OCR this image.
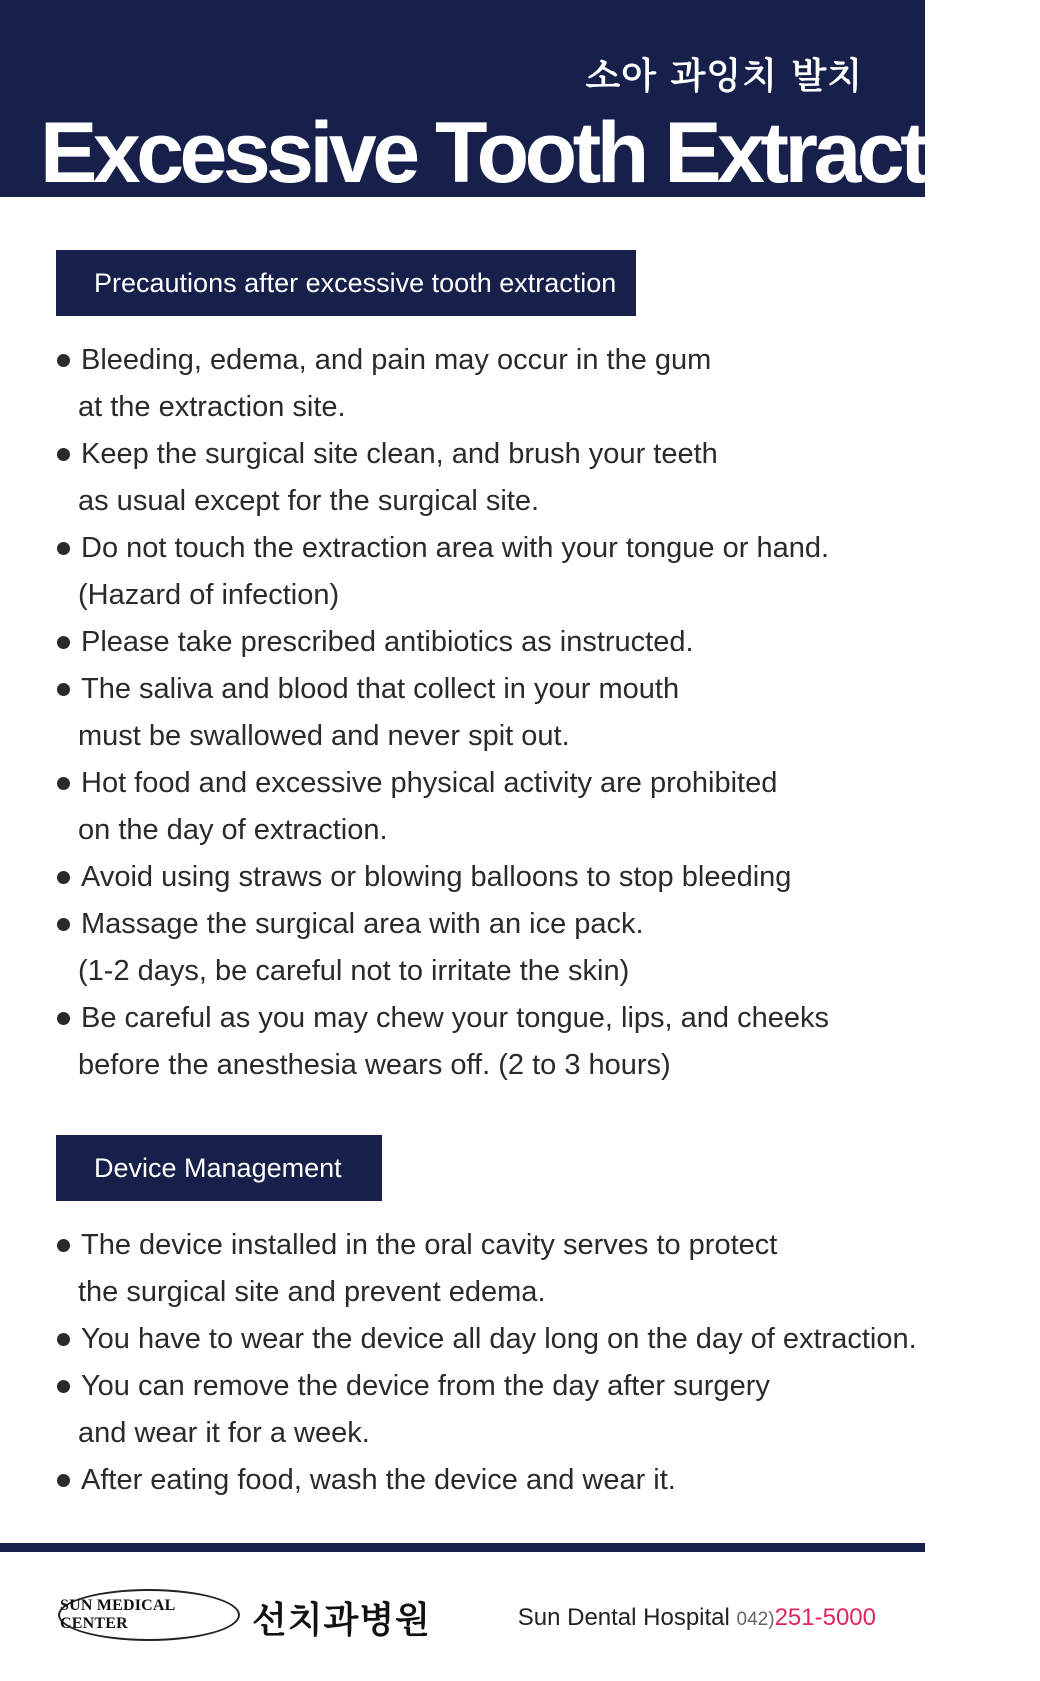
소아 과잉치 발치
Excessive Tooth Extraction
Precautions after excessive tooth extraction
Bleeding, edema, and pain may occur in the gum
at the extraction site.
Keep the surgical site clean, and brush your teeth
as usual except for the surgical site.
Do not touch the extraction area with your tongue or hand.
(Hazard of infection)
Please take prescribed antibiotics as instructed.
The saliva and blood that collect in your mouth
must be swallowed and never spit out.
Hot food and excessive physical activity are prohibited
on the day of extraction.
Avoid using straws or blowing balloons to stop bleeding
Massage the surgical area with an ice pack.
(1-2 days, be careful not to irritate the skin)
Be careful as you may chew your tongue, lips, and cheeks
before the anesthesia wears off. (2 to 3 hours)
Device Management
The device installed in the oral cavity serves to protect
the surgical site and prevent edema.
You have to wear the device all day long on the day of extraction.
You can remove the device from the day after surgery
and wear it for a week.
After eating food, wash the device and wear it.
SUN MEDICAL CENTER	선치과병원	Sun Dental Hospital 042)251-5000
